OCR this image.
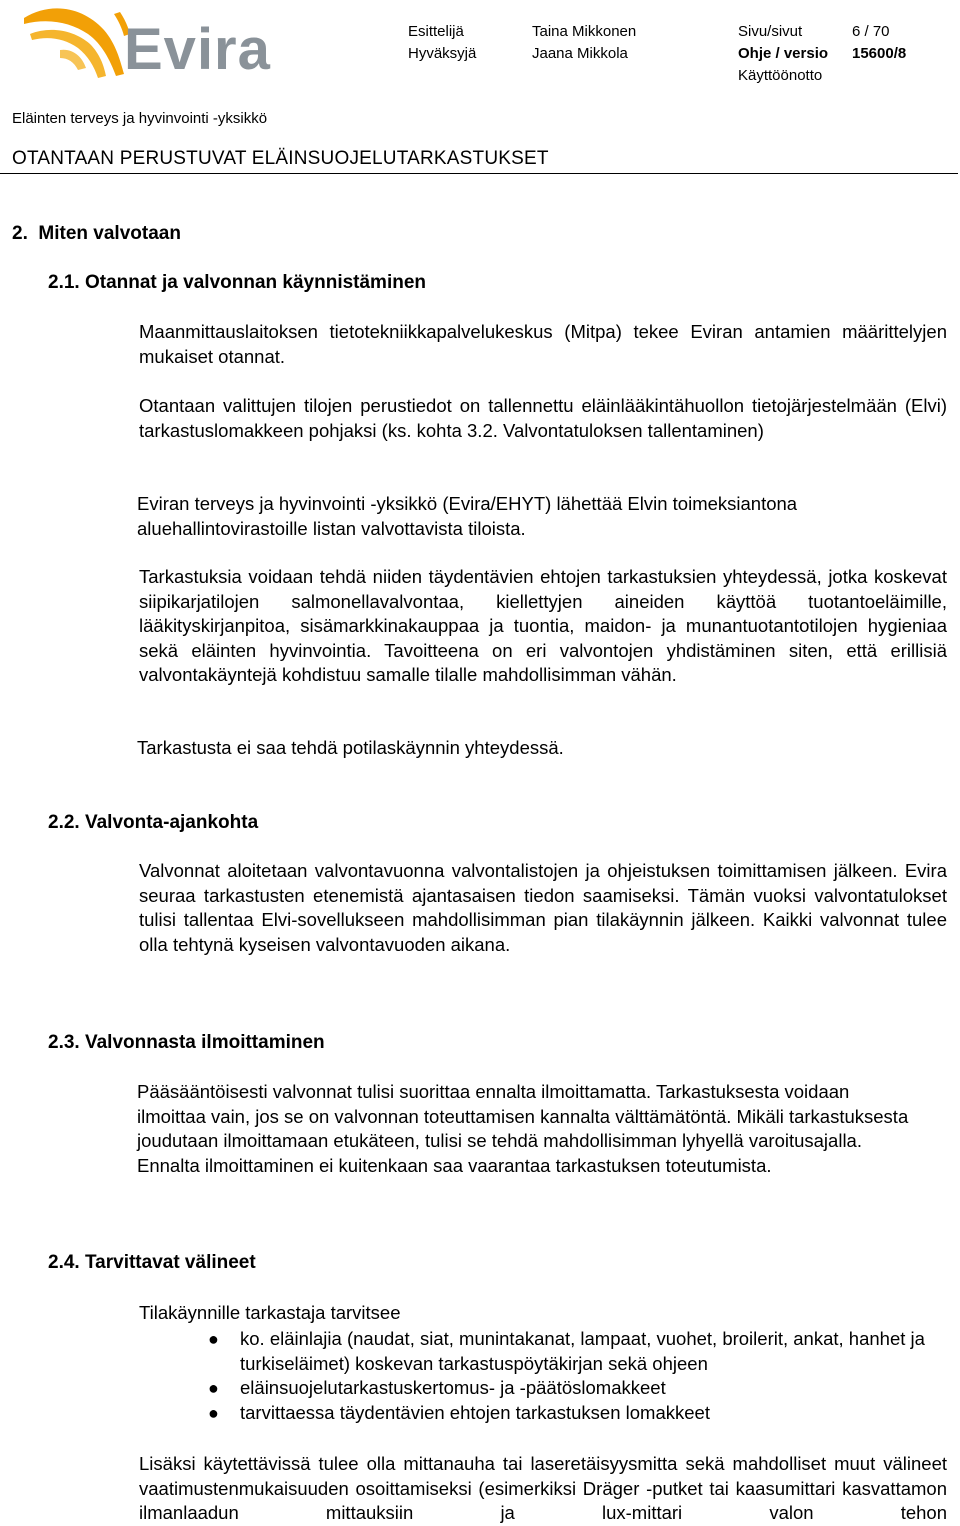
Evira	Esittelijä	Taina Mikkonen	Sivu/sivut	6 / 70
Hyväksyjä	Jaana Mikkola	Ohje / versio 15600/8
Käyttöönotto
Eläinten terveys ja hyvinvointi -yksikkö
OTANTAAN PERUSTUVAT ELÄINSUOJELUTARKASTUKSET
2.  Miten valvotaan
2.1. Otannat ja valvonnan käynnistäminen
Maanmittauslaitoksen tietotekniikkapalvelukeskus (Mitpa) tekee Eviran antamien määrittelyjen mukaiset otannat.
Otantaan valittujen tilojen perustiedot on tallennettu eläinlääkintähuollon tietojärjestelmään (Elvi) tarkastuslomakkeen pohjaksi (ks. kohta 3.2. Valvontatuloksen tallentaminen)
Eviran terveys ja hyvinvointi -yksikkö (Evira/EHYT) lähettää Elvin toimeksiantona aluehallintovirastoille listan valvottavista tiloista.
Tarkastuksia voidaan tehdä niiden täydentävien ehtojen tarkastuksien yhteydessä, jotka koskevat siipikarjatilojen salmonellavalvontaa, kiellettyjen aineiden käyttöä tuotantoeläimille, lääkityskirjanpitoa, sisämarkkinakauppaa ja tuontia, maidon- ja munantuotantotilojen hygieniaa sekä eläinten hyvinvointia. Tavoitteena on eri valvontojen yhdistäminen siten, että erillisiä valvontakäyntejä kohdistuu samalle tilalle mahdollisimman vähän.
Tarkastusta ei saa tehdä potilaskäynnin yhteydessä.
2.2. Valvonta-ajankohta
Valvonnat aloitetaan valvontavuonna valvontalistojen ja ohjeistuksen toimittamisen jälkeen. Evira seuraa tarkastusten etenemistä ajantasaisen tiedon saamiseksi. Tämän vuoksi valvontatulokset tulisi tallentaa Elvi-sovellukseen mahdollisimman pian tilakäynnin jälkeen. Kaikki valvonnat tulee olla tehtynä kyseisen valvontavuoden aikana.
2.3. Valvonnasta ilmoittaminen
Pääsääntöisesti valvonnat tulisi suorittaa ennalta ilmoittamatta. Tarkastuksesta voidaan ilmoittaa vain, jos se on valvonnan toteuttamisen kannalta välttämätöntä. Mikäli tarkastuksesta joudutaan ilmoittamaan etukäteen, tulisi se tehdä mahdollisimman lyhyellä varoitusajalla. Ennalta ilmoittaminen ei kuitenkaan saa vaarantaa tarkastuksen toteutumista.
2.4. Tarvittavat välineet
Tilakäynnille tarkastaja tarvitsee
● ko. eläinlajia (naudat, siat, munintakanat, lampaat, vuohet, broilerit, ankat, hanhet ja turkiseläimet) koskevan tarkastuspöytäkirjan sekä ohjeen
● eläinsuojelutarkastuskertomus- ja -päätöslomakkeet
● tarvittaessa täydentävien ehtojen tarkastuksen lomakkeet
Lisäksi käytettävissä tulee olla mittanauha tai laseretäisyysmitta sekä mahdolliset muut välineet vaatimustenmukaisuuden osoittamiseksi (esimerkiksi Dräger -putket tai kaasumittari kasvattamon ilmanlaadun mittauksiin ja lux-mittari valon tehon
